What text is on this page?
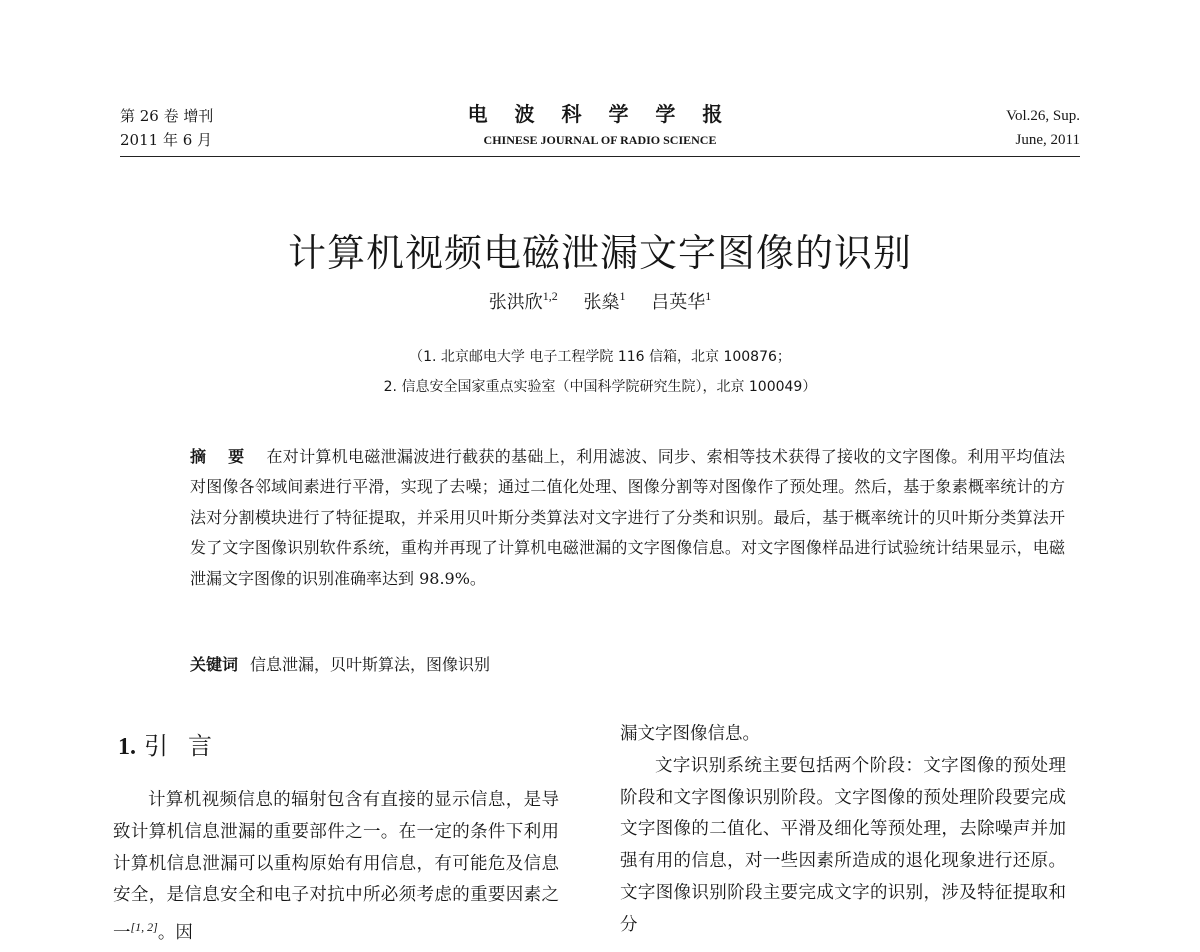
第 26 卷 增刊
2011 年 6 月
电 波 科 学 学 报
CHINESE JOURNAL OF RADIO SCIENCE
Vol.26, Sup.
June, 2011
计算机视频电磁泄漏文字图像的识别
张洪欣$^{1,2}$ 张燊$^1$ 吕英华$^1$
（1. 北京邮电大学 电子工程学院 116 信箱，北京 100876；
2. 信息安全国家重点实验室（中国科学院研究生院），北京 100049）
摘 要 在对计算机电磁泄漏波进行截获的基础上，利用滤波、同步、索相等技术获得了接收的文字图像。利用平均值法对图像各邻域间素进行平滑，实现了去噪；通过二值化处理、图像分割等对图像作了预处理。然后，基于象素概率统计的方法对分割模块进行了特征提取，并采用贝叶斯分类算法对文字进行了分类和识别。最后，基于概率统计的贝叶斯分类算法开发了文字图像识别软件系统，重构并再现了计算机电磁泄漏的文字图像信息。对文字图像样品进行试验统计结果显示，电磁泄漏文字图像的识别准确率达到 98.9%。
关键词 信息泄漏，贝叶斯算法，图像识别
1. 引言

计算机视频信息的辐射包含有直接的显示信息，是导致计算机信息泄漏的重要部件之一。在一定的条件下利用计算机信息泄漏可以重构原始有用信息，有可能危及信息安全，是信息安全和电子对抗中所必须考虑的重要因素之一[1, 2]。因

漏文字图像信息。

文字识别系统主要包括两个阶段：文字图像的预处理阶段和文字图像识别阶段。文字图像的预处理阶段要完成文字图像的二值化、平滑及细化等预处理，去除噪声并加强有用的信息，对一些因素所造成的退化现象进行还原。文字图像识别阶段主要完成文字的识别，涉及特征提取和分
